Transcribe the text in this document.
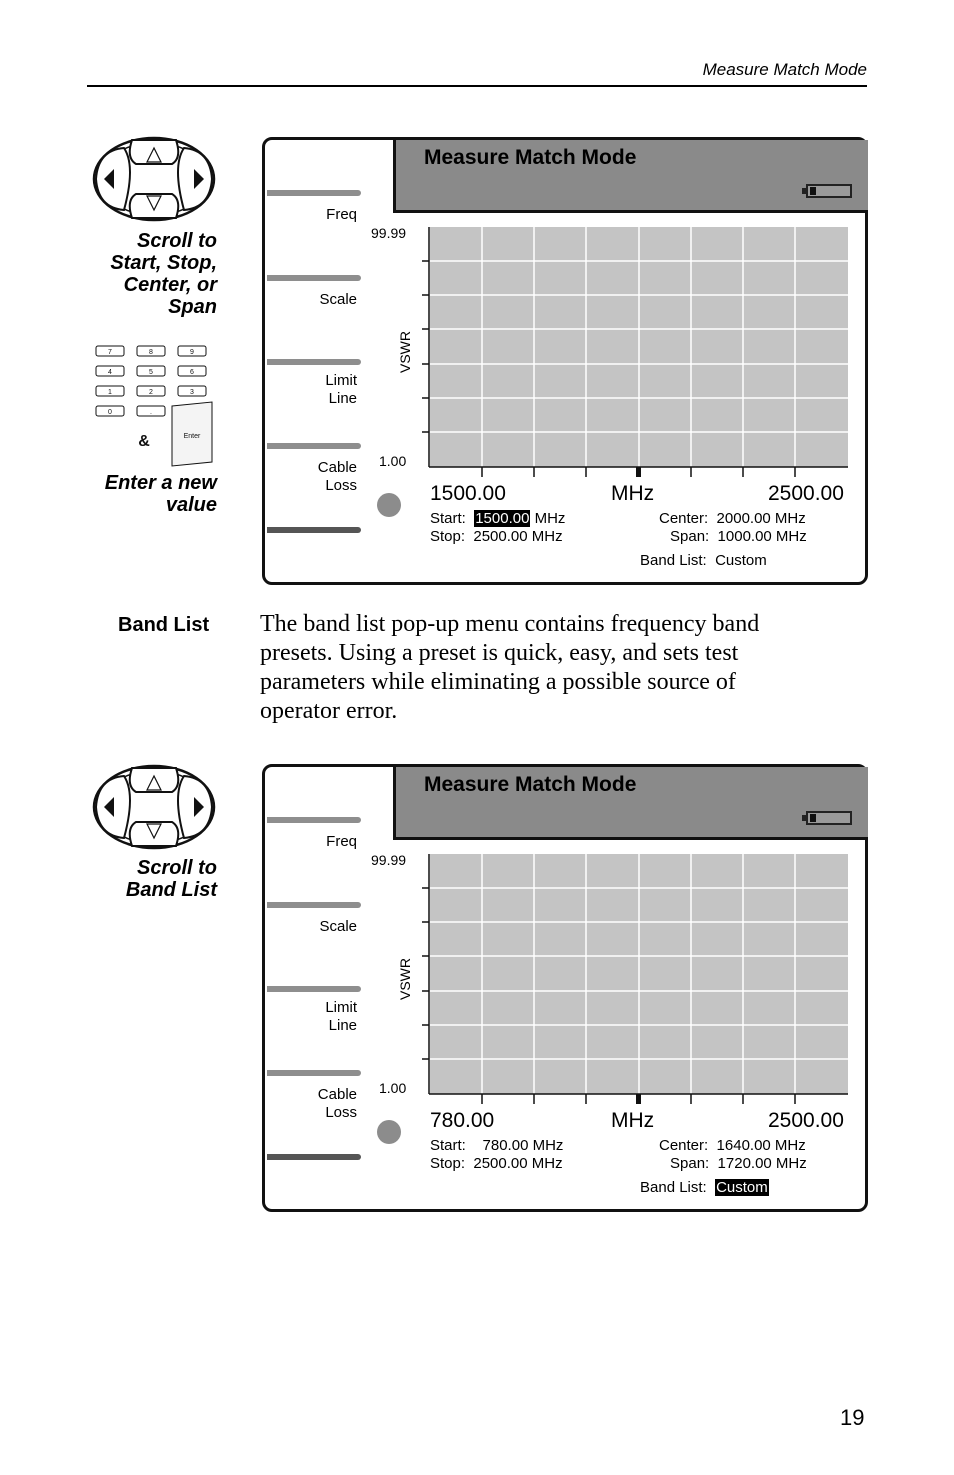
Measure Match Mode
Scroll to
Start, Stop,
Center, or
Span
7	8	9
4	5	6
1	2	3
0	.
Enter
&
Enter a new
value
Measure Match Mode
Freq
Scale
Limit
Line
Cable
Loss
99.99
1.00
VSWR
1500.00	MHz	2500.00
Start: 1500.00 MHz
Stop: 2500.00 MHz
Center: 2000.00 MHz
Span: 1000.00 MHz
Band List: Custom
Band List The band list pop-up menu contains frequency band
presets. Using a preset is quick, easy, and sets test
parameters while eliminating a possible source of
operator error.
Scroll to
Band List
Measure Match Mode
Freq
Scale
Limit
Line
Cable
Loss
99.99
1.00
VSWR
780.00	MHz	2500.00
Start: 780.00 MHz
Stop: 2500.00 MHz
Center: 1640.00 MHz
Span: 1720.00 MHz
Band List: Custom
19
